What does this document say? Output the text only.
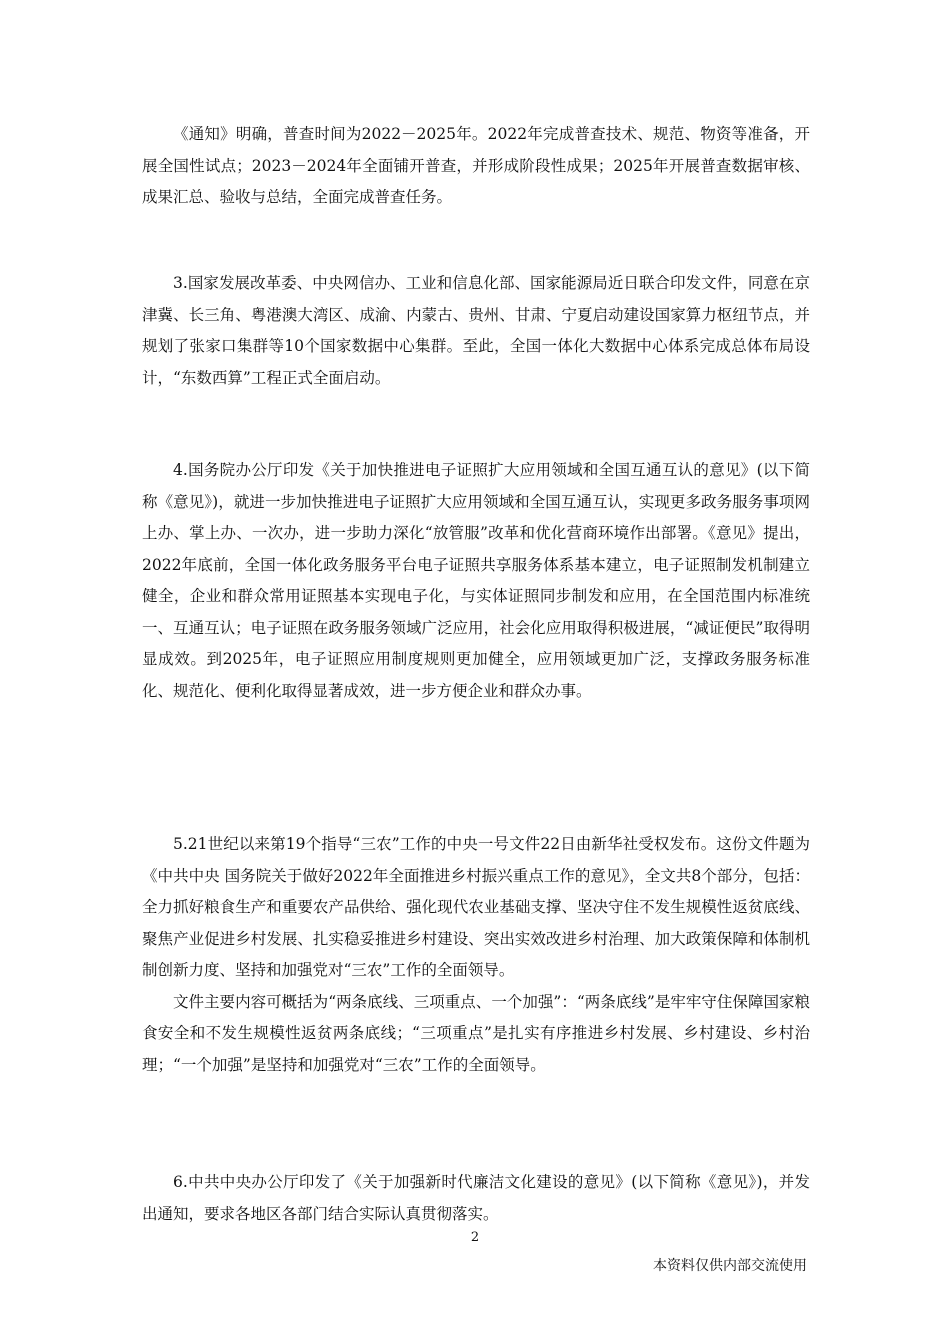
《通知》明确，普查时间为2022－2025年。2022年完成普查技术、规范、物资等准备，开展全国性试点；2023－2024年全面铺开普查，并形成阶段性成果；2025年开展普查数据审核、成果汇总、验收与总结，全面完成普查任务。

3.国家发展改革委、中央网信办、工业和信息化部、国家能源局近日联合印发文件，同意在京津冀、长三角、粤港澳大湾区、成渝、内蒙古、贵州、甘肃、宁夏启动建设国家算力枢纽节点，并规划了张家口集群等10个国家数据中心集群。至此，全国一体化大数据中心体系完成总体布局设计，“东数西算”工程正式全面启动。

4.国务院办公厅印发《关于加快推进电子证照扩大应用领域和全国互通互认的意见》(以下简称《意见》)，就进一步加快推进电子证照扩大应用领域和全国互通互认，实现更多政务服务事项网上办、掌上办、一次办，进一步助力深化“放管服”改革和优化营商环境作出部署。《意见》提出，2022年底前，全国一体化政务服务平台电子证照共享服务体系基本建立，电子证照制发机制建立健全，企业和群众常用证照基本实现电子化，与实体证照同步制发和应用，在全国范围内标准统一、互通互认；电子证照在政务服务领域广泛应用，社会化应用取得积极进展，“减证便民”取得明显成效。到2025年，电子证照应用制度规则更加健全，应用领域更加广泛，支撑政务服务标准化、规范化、便利化取得显著成效，进一步方便企业和群众办事。

5.21世纪以来第19个指导“三农”工作的中央一号文件22日由新华社受权发布。这份文件题为《中共中央 国务院关于做好2022年全面推进乡村振兴重点工作的意见》，全文共8个部分，包括：全力抓好粮食生产和重要农产品供给、强化现代农业基础支撑、坚决守住不发生规模性返贫底线、聚焦产业促进乡村发展、扎实稳妥推进乡村建设、突出实效改进乡村治理、加大政策保障和体制机制创新力度、坚持和加强党对“三农”工作的全面领导。

文件主要内容可概括为“两条底线、三项重点、一个加强”：“两条底线”是牢牢守住保障国家粮食安全和不发生规模性返贫两条底线；“三项重点”是扎实有序推进乡村发展、乡村建设、乡村治理；“一个加强”是坚持和加强党对“三农”工作的全面领导。

6.中共中央办公厅印发了《关于加强新时代廉洁文化建设的意见》(以下简称《意见》)，并发出通知，要求各地区各部门结合实际认真贯彻落实。

2

本资料仅供内部交流使用
